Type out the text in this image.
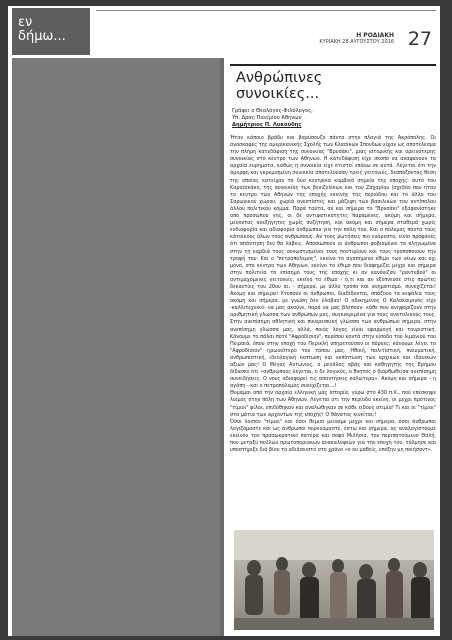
εν
δήμω...	Η ΡΟΔΙΑΚΗ
ΚΥΡΙΑΚΗ 28 ΑΥΓΟΥΣΤΟΥ 2016 27
Ανθρώπινες
συνοικίες...
Γράφει ο Θεολόγος-Φιλόλογος,
Υπ. Δρας Παν/μίου Αθηνών
Δημήτριος Π. Λυκούδης

Ήταν κάποιο βράδυ και βαρύσουζο πάντα στην πλαγιά της Ακρόπολης. Οι ανασκαφές της αμερικανικής Σχολής των Κλασικών Σπουδών είχαν ως αποτέλεσμα την πλήρη κατεδάφιση της συνοικίας "Βρυσάκι", μιας ιστορικής και ορεινότερης συνοικίας στο κέντρο των Αθηνών. Η κατεδάφιση είχε σκοπό να αναφανούν τα αρχαία ευρήματα, καθώς η συνοικία είχε κτιστεί επάνω σε αυτά. Λέγεται ότι την άμορφη και γκρεμισμένη συνοικία αποτελούσαν τρεις γειτονιές, δεσπόζοντας θέση της οποίας κατείχαν τα δύο κεντρικά κομβικά σημεία της εποχής: αυτό του Καραϊσκάκη, της συνοικίας των βενιζελικών και του Ζαχαρίου (σχεδόν που ήταν το κέντρο των Αθηνών της εποχής εκείνης της περιόδου και το άλλο του Σαρωνικού χώρου, χωριά ανεστίστες και μάζεψη των βασιλικών του αντίπαλου άλλου πολιτικού κόμμα. Παρά ταύτα, αν και σήμερα το "Βρυσάκι" εξαφανίστηκε από προσώπου γης, οι δε αντιφατικότητες παραμένες, ακόμη και σήμερα, μένοντας ανεξήγητες χωρίς συζήτηση, και ακόμη και σήμερα σταθερά χωρίς ενδιαφορία και αδιαφορία ανθρώπου για την πόλη του. Και ο πόλεμος πάντα τους κάτοικους όλων τους ανθρώπους. Αν τους ρωτήσεις πιο ευάρεστο, είναι προφανές ότι απάντηση δεν θα λάβεις. Αποσιωπούν οι άνθρωποι φοβισμένοι τα πληγωμένα στην τη καρδιά τους συνωστισμένοι τους ποντιρίουν και τους τροποποιούν την τροφή του. Και ο "πετροπόλεμος", εκείνο το αγαπημένο έθιμο των νέων και όχι μόνο, στο κέντρο των Αθηνών, εκείνο το έθιμο που διαφημίζει μέχρι και σήμερα στην πολιτεία το επίσημο τους της εποχής κι αν κανόνιζαν "ραντεβού" οι αντιμαχόμενες γειτονιές, εκείνο το έθιμο - ο,τι και αν εξέπνευσε στις πρώτες δεκαετίες του 20ου αι. - σήμερα, με άλλο τρόπο και ανηματισμό, συνεχίζεται! Ακόμη και σήμερα! Χτυπούν οι άνθρωποι, διαδίδονται, σπάζουν τα κεφάλια τους ακόμη και σήμερα, με γνώση δεν έλαβαν! Ο αδικημένος Ο Καλοκαιρινός είχε -καλλιτεχνικό- να μας ακούνε, παρά να μας βλέπουν- κάθε που ανηφορίζουν στην αριθμητική γλώσσα των ανθρώπων μας, συγκεκριμένα για τους ανατολικούς τους. Στην ανεπίσημη αθλητική και πικαρεσκική γλώσσα των ανθρώπων σήμερα, στην ανεπίσημη γλώσσα μας, αλλά, ποιός λόγος είναι εφαρμογή και τουριστική. Κάνουμε το πάλαι ποτέ "Αφροδίσιον", περίπου κοντά στην είσοδο του λιμανιού του Πειραιά, όπου στην εποχή του Περικλή υπηρετούσαν οι πόρνες, κάνουμε λέγει το "Αφροδίσιον" ηρωικότερο του τόπου μας. Ηθική, πολιτιστική, πνευματική, ανθρωπιστική, ιδεολογική έκπτωση και εκπίπτωση των αρχικών και ιδανικών αξιών μας! Ο Μέγας Αντώνιος, ο μεγάλος αβάς και καθηγητής της Ερήμου δίδασκε ότι «ανθρώπους λέγεται, ο δε λογικός, ο θνητός ο διορθωθείσα ανεπίσημη συνειδήσεις. Ο νους αδιαφορεί τις απαντήσεις καλώτερα». Ακόμη και σήμερα - η αγάπη - και ο πετροπόλεμος συνεχίζεται...!

Θυμάμαι από την αρχαία ελληνική μας Ιστορία, γύρω στο 430 π.Χ., πού επέσκηψε λοιμός στην πόλη των Αθηνών. Λέγεται ότι την περίοδο εκείνη, οι μέχρι πρότινος "τίμιοι" φίλοι, επιδόθηκαν και αναλώθηκαν σε κάθε είδους ατιμία! Τι και οι "τίμιοι" στα μάτια των αρχόντων της εποχής! Ο θάνατος κινείται;!

Όσοι λοιπόν "τίμιοι" και όσοι θέμισι μείναμε μέχρι και σήμερα, όσοι άνθρωποι λογιζόμαστε και ως άνθρωποι πορευόμαστε, έστω και σήμερα, ας αναλογιστούμε εκείνον τον προσωκρατικό πατέρα και σοφό Μιλήσιο, τον περιπατούμενο Θαλή, που μεταξύ πολλών πρωτοποριακών ανακαλύψεων για την εποχή του, τόλμησε και υποστήριξε διά βίου το αδιάσειστο στο χρόνο «ο ου μαθείς, επέξην μη ποιήσαντ».
